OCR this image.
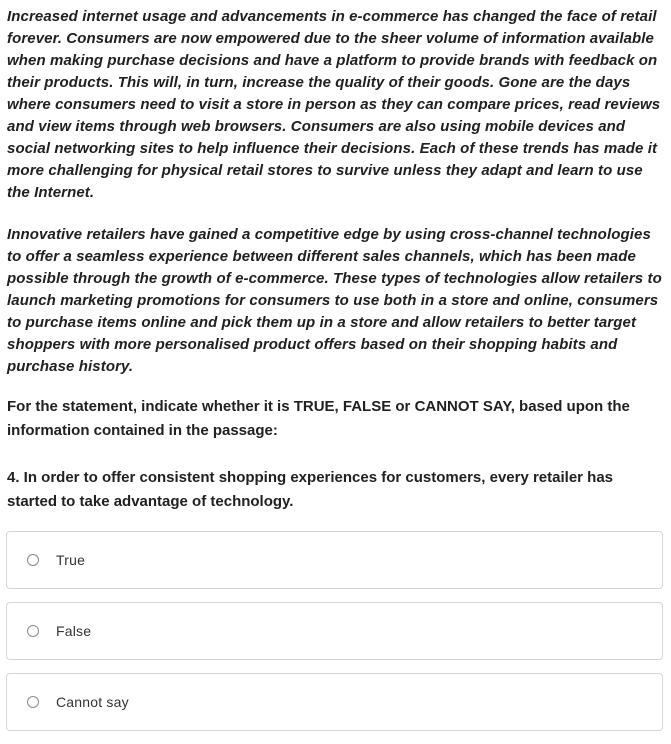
Increased internet usage and advancements in e-commerce has changed the face of retail forever. Consumers are now empowered due to the sheer volume of information available when making purchase decisions and have a platform to provide brands with feedback on their products. This will, in turn, increase the quality of their goods. Gone are the days where consumers need to visit a store in person as they can compare prices, read reviews and view items through web browsers. Consumers are also using mobile devices and social networking sites to help influence their decisions. Each of these trends has made it more challenging for physical retail stores to survive unless they adapt and learn to use the Internet.

Innovative retailers have gained a competitive edge by using cross-channel technologies to offer a seamless experience between different sales channels, which has been made possible through the growth of e-commerce. These types of technologies allow retailers to launch marketing promotions for consumers to use both in a store and online, consumers to purchase items online and pick them up in a store and allow retailers to better target shoppers with more personalised product offers based on their shopping habits and purchase history.

For the statement, indicate whether it is TRUE, FALSE or CANNOT SAY, based upon the information contained in the passage:

4. In order to offer consistent shopping experiences for customers, every retailer has started to take advantage of technology.

True
False
Cannot say
